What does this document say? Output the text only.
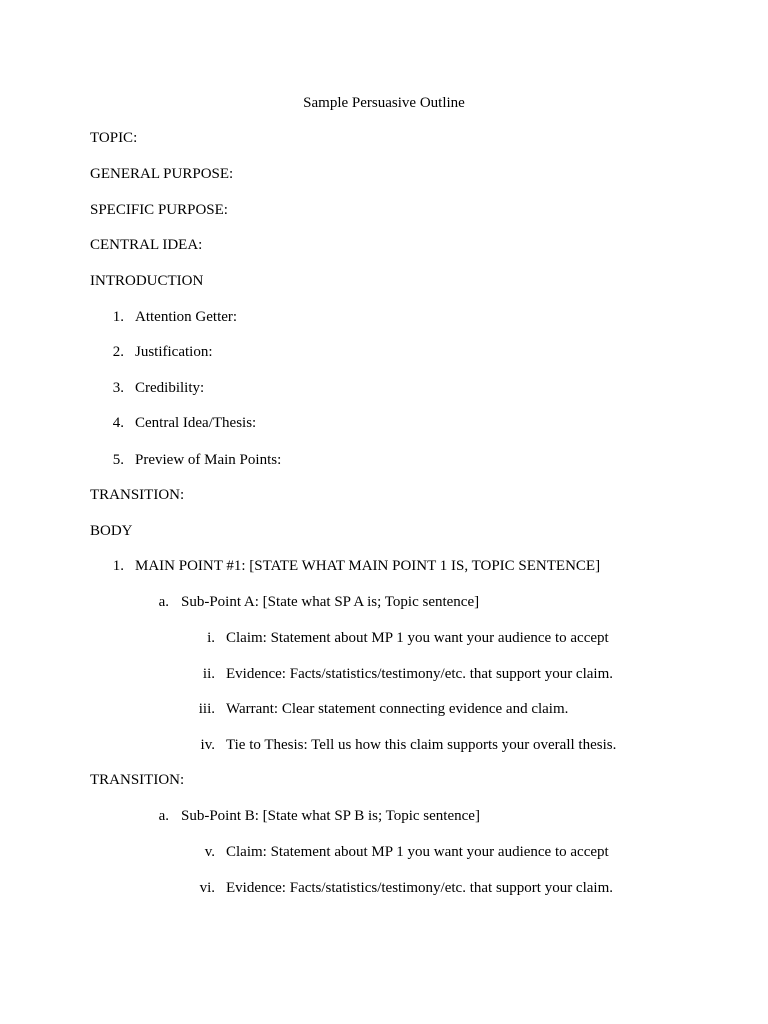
Sample Persuasive Outline
TOPIC:
GENERAL PURPOSE:
SPECIFIC PURPOSE:
CENTRAL IDEA:
INTRODUCTION
1. Attention Getter:
2. Justification:
3. Credibility:
4. Central Idea/Thesis:
5. Preview of Main Points:
TRANSITION:
BODY
1. MAIN POINT #1: [STATE WHAT MAIN POINT 1 IS, TOPIC SENTENCE]
a. Sub-Point A: [State what SP A is; Topic sentence]
i. Claim: Statement about MP 1 you want your audience to accept
ii. Evidence: Facts/statistics/testimony/etc. that support your claim.
iii. Warrant: Clear statement connecting evidence and claim.
iv. Tie to Thesis: Tell us how this claim supports your overall thesis.
TRANSITION:
a. Sub-Point B: [State what SP B is; Topic sentence]
v. Claim: Statement about MP 1 you want your audience to accept
vi. Evidence: Facts/statistics/testimony/etc. that support your claim.
